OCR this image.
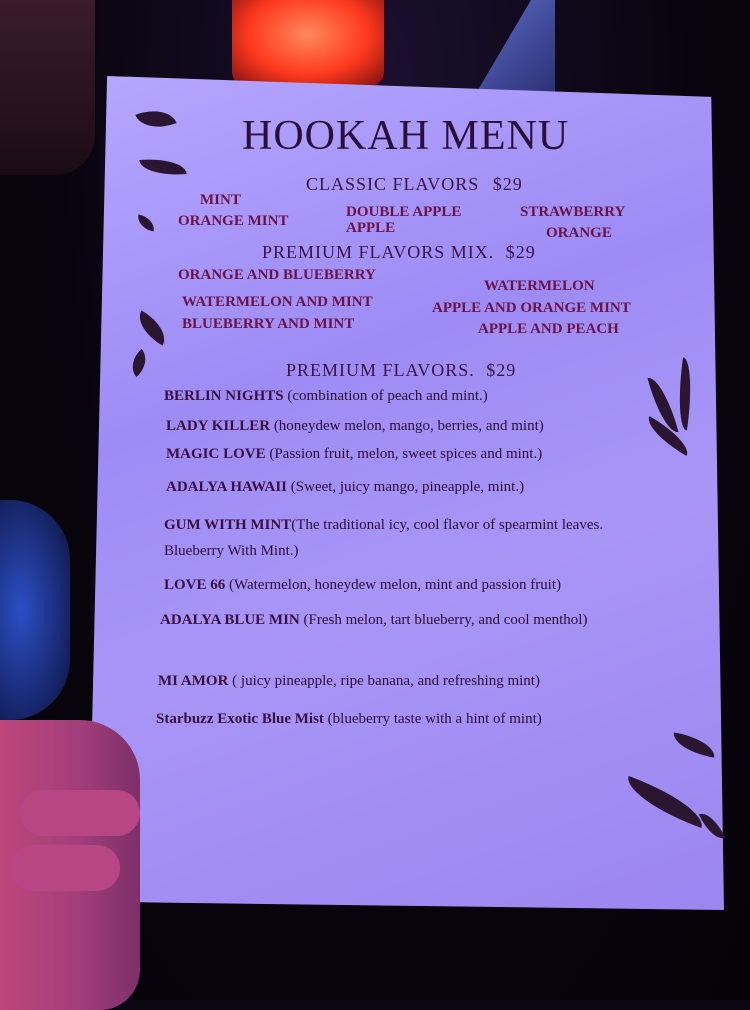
HOOKAH MENU
CLASSIC FLAVORS $29
MINT
ORANGE MINT
DOUBLE APPLE
APPLE
STRAWBERRY
ORANGE
PREMIUM FLAVORS MIX. $29
ORANGE AND BLUEBERRY
WATERMELON AND MINT
BLUEBERRY AND MINT
WATERMELON
APPLE AND ORANGE MINT
APPLE AND PEACH
PREMIUM FLAVORS. $29
BERLIN NIGHTS (combination of peach and mint.)
LADY KILLER (honeydew melon, mango, berries, and mint)
MAGIC LOVE (Passion fruit, melon, sweet spices and mint.)
ADALYA HAWAII (Sweet, juicy mango, pineapple, mint.)
GUM WITH MINT(The traditional icy, cool flavor of spearmint leaves. Blueberry With Mint.)
LOVE 66 (Watermelon, honeydew melon, mint and passion fruit)
ADALYA BLUE MIN (Fresh melon, tart blueberry, and cool menthol)
MI AMOR ( juicy pineapple, ripe banana, and refreshing mint)
Starbuzz Exotic Blue Mist (blueberry taste with a hint of mint)
